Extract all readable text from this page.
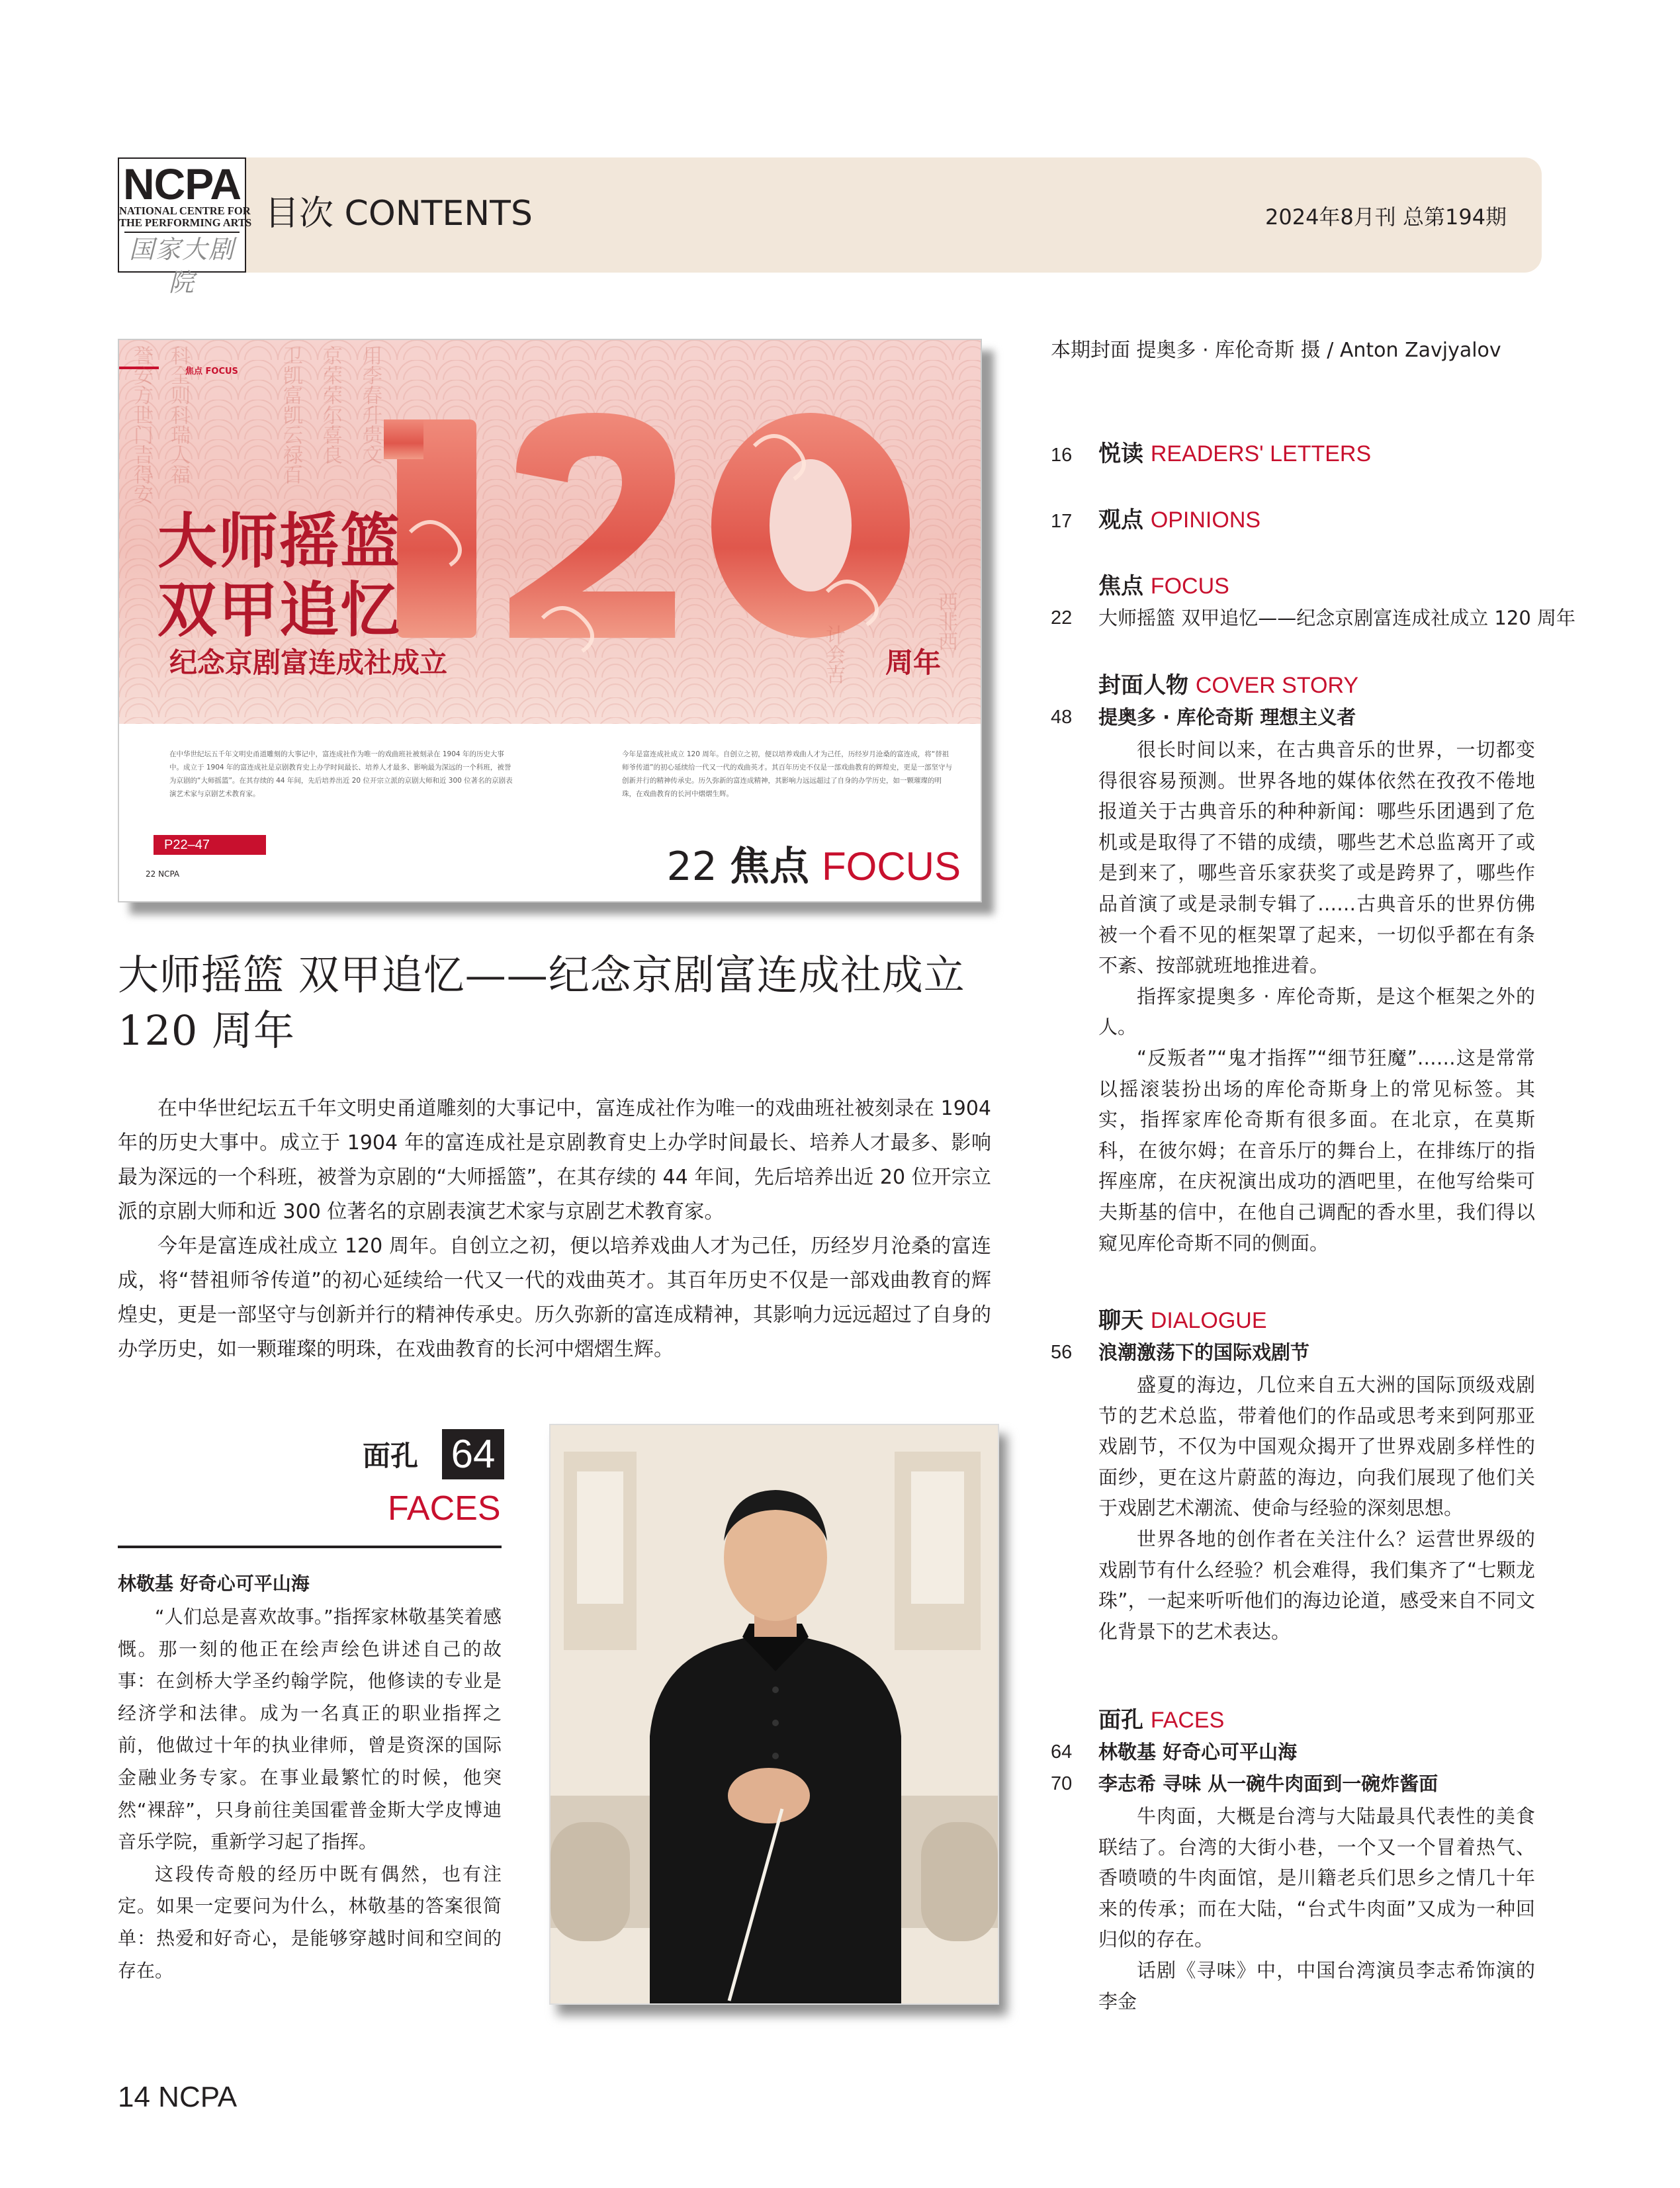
NCPA
NATIONAL CENTRE FOR
THE PERFORMING ARTS
国家大剧院
目次 CONTENTS	2024年8月刊 总第194期
誉安方世门吉得安 科全则科瑞人福	卫凯富凯云禄百 京荣荣尔喜良 用李春升贵文
计会吉
西非西
焦点 FOCUS
大师摇篮
双甲追忆
纪念京剧富连成社成立	周年
在中华世纪坛五千年文明史甬道雕刻的大事记中，富连成社作为唯一的戏曲班社被刻录在 1904 年的历史大事中。成立于 1904 年的富连成社是京剧教育史上办学时间最长、培养人才最多、影响最为深远的一个科班，被誉为京剧的“大师摇篮”。在其存续的 44 年间，先后培养出近 20 位开宗立派的京剧大师和近 300 位著名的京剧表演艺术家与京剧艺术教育家。
今年是富连成社成立 120 周年。自创立之初，便以培养戏曲人才为己任，历经岁月沧桑的富连成，将“替祖师爷传道”的初心延续给一代又一代的戏曲英才。其百年历史不仅是一部戏曲教育的辉煌史，更是一部坚守与创新并行的精神传承史。历久弥新的富连成精神，其影响力远远超过了自身的办学历史，如一颗璀璨的明珠，在戏曲教育的长河中熠熠生辉。
P22–47
22 NCPA	22 焦点 FOCUS
大师摇篮 双甲追忆——纪念京剧富连成社成立 120 周年

在中华世纪坛五千年文明史甬道雕刻的大事记中，富连成社作为唯一的戏曲班社被刻录在 1904 年的历史大事中。成立于 1904 年的富连成社是京剧教育史上办学时间最长、培养人才最多、影响最为深远的一个科班，被誉为京剧的“大师摇篮”，在其存续的 44 年间，先后培养出近 20 位开宗立派的京剧大师和近 300 位著名的京剧表演艺术家与京剧艺术教育家。

今年是富连成社成立 120 周年。自创立之初，便以培养戏曲人才为己任，历经岁月沧桑的富连成，将“替祖师爷传道”的初心延续给一代又一代的戏曲英才。其百年历史不仅是一部戏曲教育的辉煌史，更是一部坚守与创新并行的精神传承史。历久弥新的富连成精神，其影响力远远超过了自身的办学历史，如一颗璀璨的明珠，在戏曲教育的长河中熠熠生辉。

面孔 64
FACES
林敬基 好奇心可平山海

“人们总是喜欢故事。”指挥家林敬基笑着感慨。那一刻的他正在绘声绘色讲述自己的故事：在剑桥大学圣约翰学院，他修读的专业是经济学和法律。成为一名真正的职业指挥之前，他做过十年的执业律师，曾是资深的国际金融业务专家。在事业最繁忙的时候，他突然“裸辞”，只身前往美国霍普金斯大学皮博迪音乐学院，重新学习起了指挥。

这段传奇般的经历中既有偶然，也有注定。如果一定要问为什么，林敬基的答案很简单：热爱和好奇心，是能够穿越时间和空间的存在。

本期封面 提奥多 · 库伦奇斯 摄 / Anton Zavjyalov
16 悦读 READERS' LETTERS
17 观点 OPINIONS
焦点 FOCUS
22 大师摇篮 双甲追忆——纪念京剧富连成社成立 120 周年
封面人物 COVER STORY
48 提奥多 · 库伦奇斯 理想主义者

很长时间以来，在古典音乐的世界，一切都变得很容易预测。世界各地的媒体依然在孜孜不倦地报道关于古典音乐的种种新闻：哪些乐团遇到了危机或是取得了不错的成绩，哪些艺术总监离开了或是到来了，哪些音乐家获奖了或是跨界了，哪些作品首演了或是录制专辑了……古典音乐的世界仿佛被一个看不见的框架罩了起来，一切似乎都在有条不紊、按部就班地推进着。

指挥家提奥多 · 库伦奇斯，是这个框架之外的人。

“反叛者”“鬼才指挥”“细节狂魔”……这是常常以摇滚装扮出场的库伦奇斯身上的常见标签。其实，指挥家库伦奇斯有很多面。在北京，在莫斯科，在彼尔姆；在音乐厅的舞台上，在排练厅的指挥座席，在庆祝演出成功的酒吧里，在他写给柴可夫斯基的信中，在他自己调配的香水里，我们得以窥见库伦奇斯不同的侧面。

聊天 DIALOGUE
56 浪潮激荡下的国际戏剧节

盛夏的海边，几位来自五大洲的国际顶级戏剧节的艺术总监，带着他们的作品或思考来到阿那亚戏剧节，不仅为中国观众揭开了世界戏剧多样性的面纱，更在这片蔚蓝的海边，向我们展现了他们关于戏剧艺术潮流、使命与经验的深刻思想。

世界各地的创作者在关注什么？运营世界级的戏剧节有什么经验？机会难得，我们集齐了“七颗龙珠”，一起来听听他们的海边论道，感受来自不同文化背景下的艺术表达。

面孔 FACES
64 林敬基 好奇心可平山海
70 李志希 寻味 从一碗牛肉面到一碗炸酱面

牛肉面，大概是台湾与大陆最具代表性的美食联结了。台湾的大街小巷，一个又一个冒着热气、香喷喷的牛肉面馆，是川籍老兵们思乡之情几十年来的传承；而在大陆，“台式牛肉面”又成为一种回归似的存在。

话剧《寻味》中，中国台湾演员李志希饰演的李金

14 NCPA
